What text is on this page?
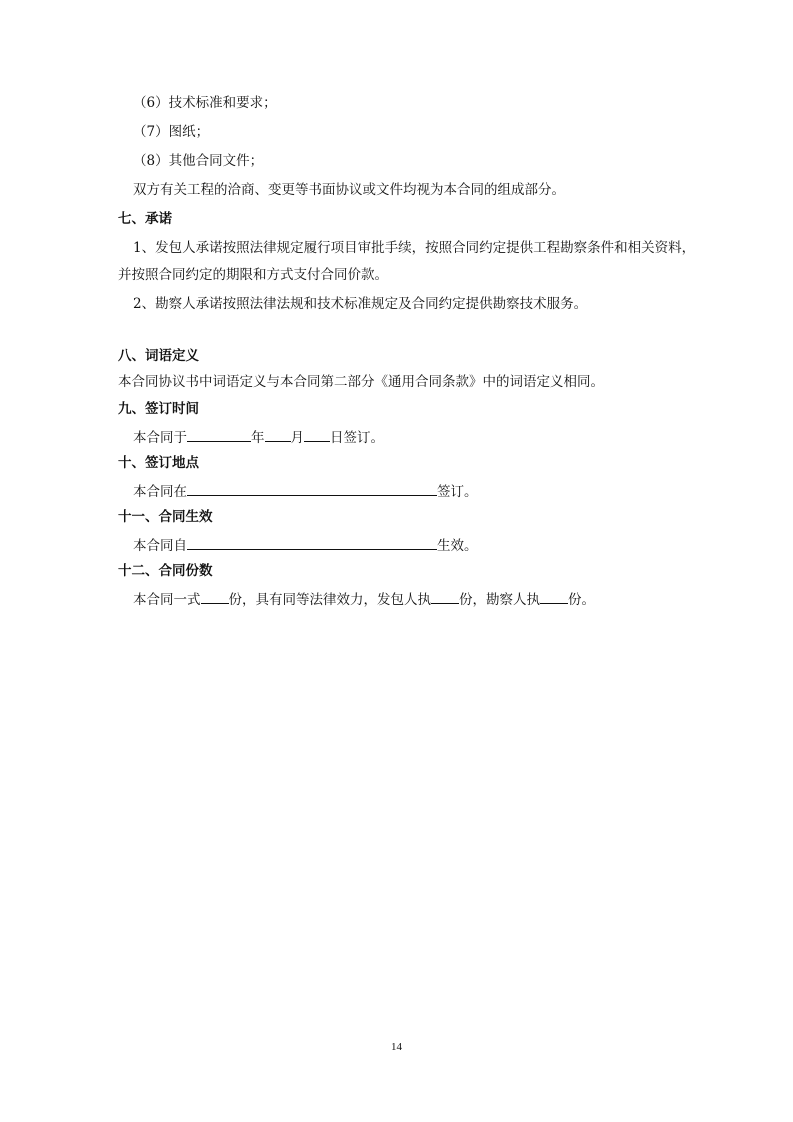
（6）技术标准和要求；
（7）图纸；
（8）其他合同文件；
双方有关工程的洽商、变更等书面协议或文件均视为本合同的组成部分。
七、承诺
1、发包人承诺按照法律规定履行项目审批手续，按照合同约定提供工程勘察条件和相关资料，
并按照合同约定的期限和方式支付合同价款。
2、勘察人承诺按照法律法规和技术标准规定及合同约定提供勘察技术服务。
八、词语定义
本合同协议书中词语定义与本合同第二部分《通用合同条款》中的词语定义相同。
九、签订时间
本合同于	年 月 日签订。
十、签订地点
本合同在	签订。
十一、合同生效
本合同自	生效。
十二、合同份数
本合同一式 份，具有同等法律效力，发包人执 份，勘察人执 份。
14
